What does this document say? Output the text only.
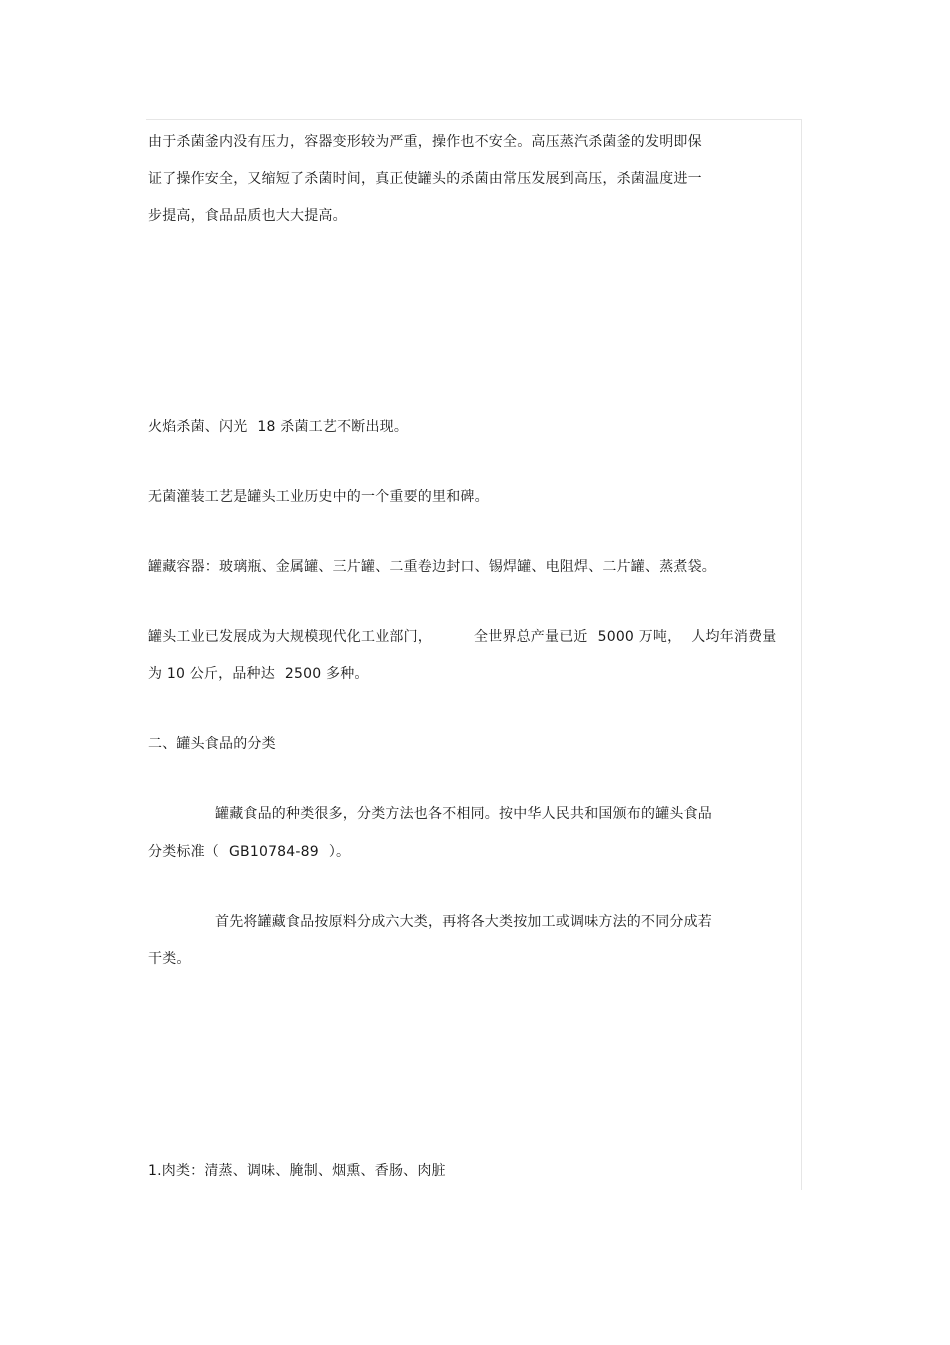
由于杀菌釜内没有压力，容器变形较为严重，操作也不安全。高压蒸汽杀菌釜的发明即保
证了操作安全，又缩短了杀菌时间，真正使罐头的杀菌由常压发展到高压，杀菌温度进一
步提高，食品品质也大大提高。
火焰杀菌、闪光 18 杀菌工艺不断出现。
无菌灌装工艺是罐头工业历史中的一个重要的里和碑。
罐藏容器：玻璃瓶、金属罐、三片罐、二重卷边封口、锡焊罐、电阻焊、二片罐、蒸煮袋。
罐头工业已发展成为大规模现代化工业部门，	全世界总产量已近 5000 万吨， 人均年消费量
为 10 公斤，品种达 2500 多种。
二、罐头食品的分类
罐藏食品的种类很多，分类方法也各不相同。按中华人民共和国颁布的罐头食品
分类标准（ GB10784-89 ）。
首先将罐藏食品按原料分成六大类，再将各大类按加工或调味方法的不同分成若
干类。
1.肉类：清蒸、调味、腌制、烟熏、香肠、肉脏
